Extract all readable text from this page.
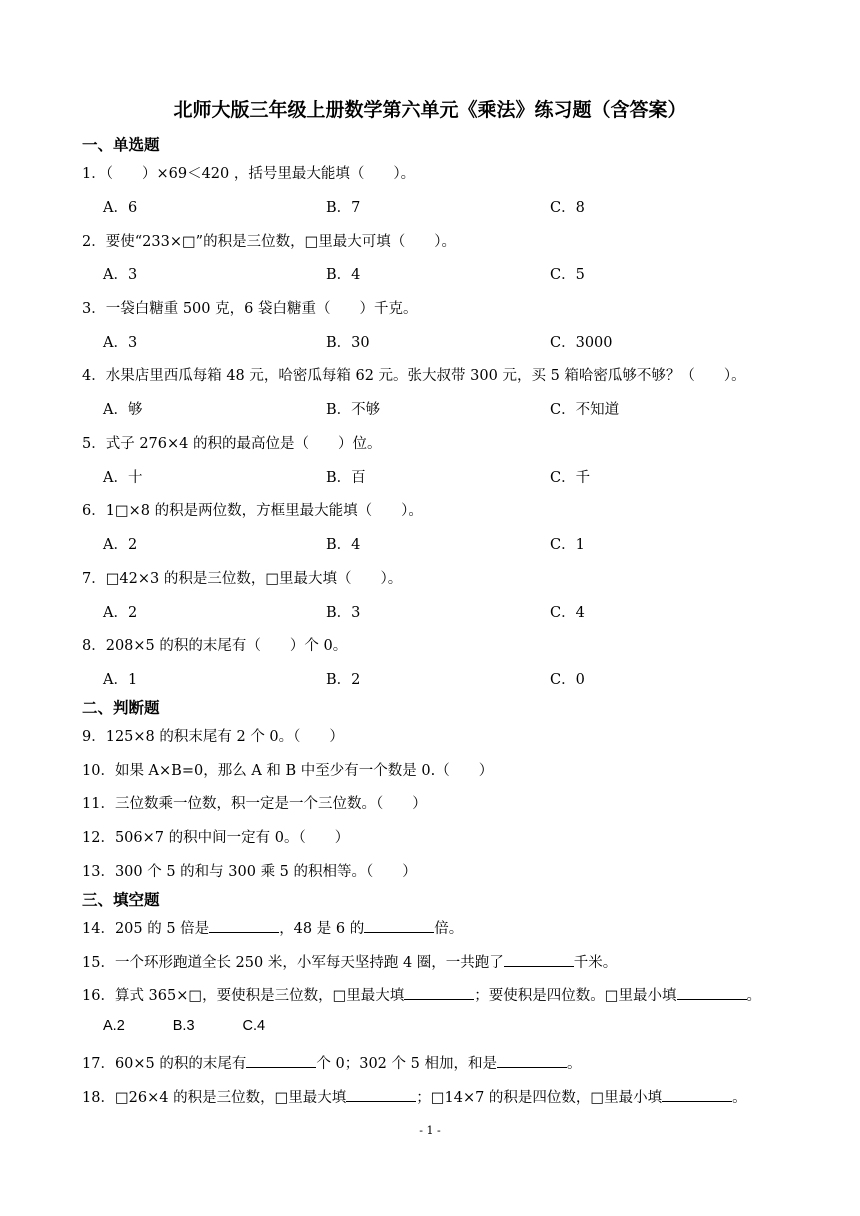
北师大版三年级上册数学第六单元《乘法》练习题（含答案）
一、单选题
1．（　　）×69＜420 ，括号里最大能填（　　）。
A．6	B．7	C．8
2．要使“233×□”的积是三位数，□里最大可填（　　）。
A．3	B．4	C．5
3．一袋白糖重 500 克，6 袋白糖重（　　）千克。
A．3	B．30	C．3000
4．水果店里西瓜每箱 48 元，哈密瓜每箱 62 元。张大叔带 300 元，买 5 箱哈密瓜够不够？（　　）。
A．够	B．不够	C．不知道
5．式子 276×4 的积的最高位是（　　）位。
A．十	B．百	C．千
6．1□×8 的积是两位数，方框里最大能填（　　）。
A．2	B．4	C．1
7．□42×3 的积是三位数，□里最大填（　　）。
A．2	B．3	C．4
8．208×5 的积的末尾有（　　）个 0。
A．1	B．2	C．0
二、判断题
9．125×8 的积末尾有 2 个 0。（　　）
10．如果 A×B=0，那么 A 和 B 中至少有一个数是 0.（　　）
11．三位数乘一位数，积一定是一个三位数。（　　）
12．506×7 的积中间一定有 0。（　　）
13．300 个 5 的和与 300 乘 5 的积相等。（　　）
三、填空题
14．205 的 5 倍是	，48 是 6 的	倍。
15．一个环形跑道全长 250 米，小军每天坚持跑 4 圈，一共跑了	千米。
16．算式 365×□，要使积是三位数，□里最大填	；要使积是四位数。□里最小填	。
A.2	B.3	C.4
17．60×5 的积的末尾有	个 0；302 个 5 相加，和是	。
18．□26×4 的积是三位数，□里最大填	；□14×7 的积是四位数，□里最小填	。
- 1 -
